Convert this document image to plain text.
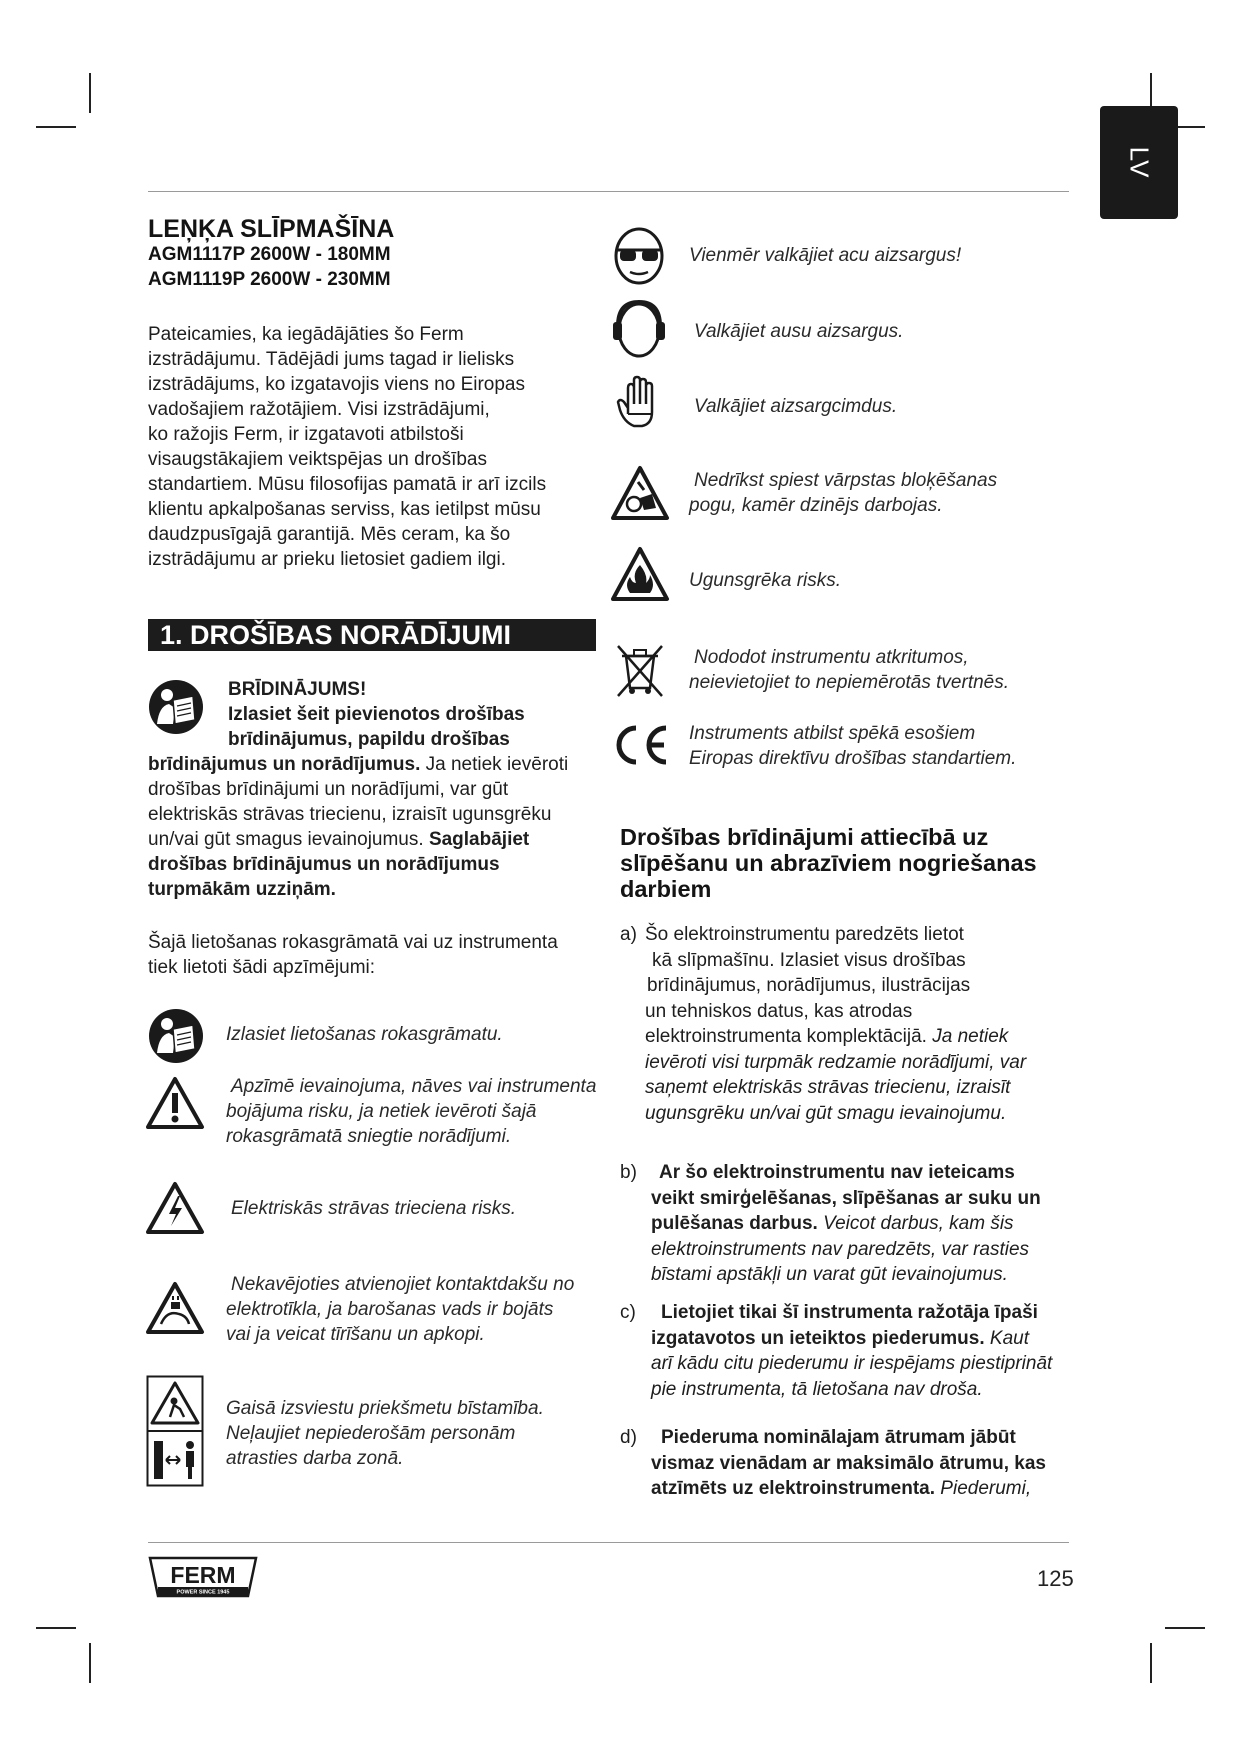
LV
LEŅĶA SLĪPMAŠĪNA
AGM1117P 2600W - 180MM
AGM1119P 2600W - 230MM

Pateicamies, ka iegādājāties šo Ferm

izstrādājumu. Tādējādi jums tagad ir lielisks

izstrādājums, ko izgatavojis viens no Eiropas

vadošajiem ražotājiem. Visi izstrādājumi,

ko ražojis Ferm, ir izgatavoti atbilstoši

visaugstākajiem veiktspējas un drošības

standartiem. Mūsu filosofijas pamatā ir arī izcils

klientu apkalpošanas serviss, kas ietilpst mūsu

daudzpusīgajā garantijā. Mēs ceram, ka šo

izstrādājumu ar prieku lietosiet gadiem ilgi.

1. DROŠĪBAS NORĀDĪJUMI
BRĪDINĀJUMS!
Izlasiet šeit pievienotos drošības
brīdinājumus, papildu drošības
brīdinājumus un norādījumus. Ja netiek ievēroti
drošības brīdinājumi un norādījumi, var gūt
elektriskās strāvas triecienu, izraisīt ugunsgrēku
un/vai gūt smagus ievainojumus. Saglabājiet
drošības brīdinājumus un norādījumus
turpmākām uzziņām.
Šajā lietošanas rokasgrāmatā vai uz instrumenta
tiek lietoti šādi apzīmējumi:
Izlasiet lietošanas rokasgrāmatu.
Apzīmē ievainojuma, nāves vai instrumenta
bojājuma risku, ja netiek ievēroti šajā
rokasgrāmatā sniegtie norādījumi.
Elektriskās strāvas trieciena risks.
Nekavējoties atvienojiet kontaktdakšu no
elektrotīkla, ja barošanas vads ir bojāts
vai ja veicat tīrīšanu un apkopi.
Gaisā izsviestu priekšmetu bīstamība.
Neļaujiet nepiederošām personām
atrasties darba zonā.
Vienmēr valkājiet acu aizsargus!
Valkājiet ausu aizsargus.
Valkājiet aizsargcimdus.
Nedrīkst spiest vārpstas bloķēšanas
pogu, kamēr dzinējs darbojas.
Ugunsgrēka risks.
Nododot instrumentu atkritumos,
neievietojiet to nepiemērotās tvertnēs.
Instruments atbilst spēkā esošiem
Eiropas direktīvu drošības standartiem.
Drošības brīdinājumi attiecībā uz
slīpēšanu un abrazīviem nogriešanas
darbiem
a) Šo elektroinstrumentu paredzēts lietot
kā slīpmašīnu. Izlasiet visus drošības
brīdinājumus, norādījumus, ilustrācijas
un tehniskos datus, kas atrodas
elektroinstrumenta komplektācijā. Ja netiek
ievēroti visi turpmāk redzamie norādījumi, var
saņemt elektriskās strāvas triecienu, izraisīt
ugunsgrēku un/vai gūt smagu ievainojumu.
b)	Ar šo elektroinstrumentu nav ieteicams
veikt smirģelēšanas, slīpēšanas ar suku un
pulēšanas darbus. Veicot darbus, kam šis
elektroinstruments nav paredzēts, var rasties
bīstami apstākļi un varat gūt ievainojumus.
c)	Lietojiet tikai šī instrumenta ražotāja īpaši
izgatavotos un ieteiktos piederumus. Kaut
arī kādu citu piederumu ir iespējams piestiprināt
pie instrumenta, tā lietošana nav droša.
d)	Piederuma nominālajam ātrumam jābūt
vismaz vienādam ar maksimālo ātrumu, kas
atzīmēts uz elektroinstrumenta. Piederumi,
FERM
POWER SINCE 1945
125
